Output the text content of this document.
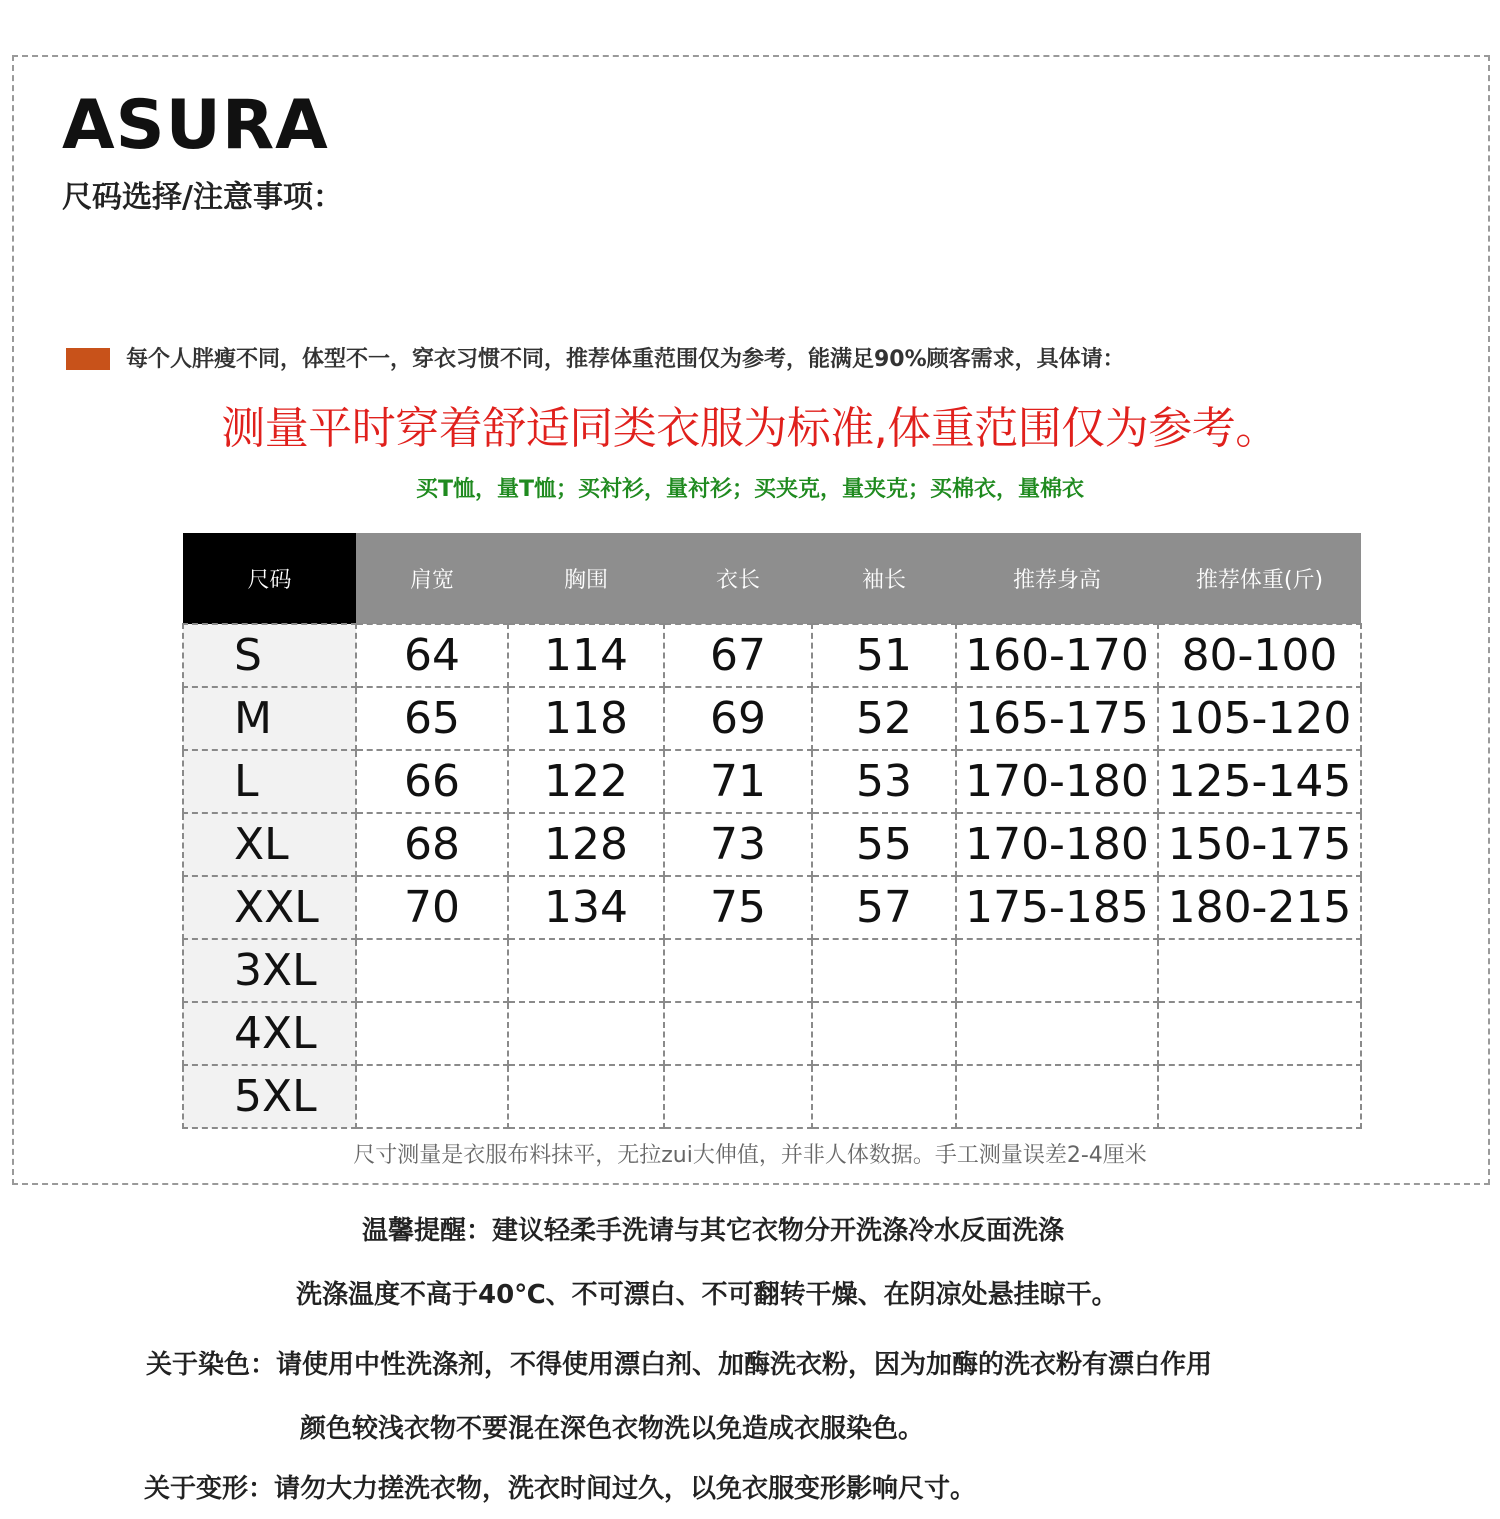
ASURA
尺码选择/注意事项：
每个人胖瘦不同，体型不一，穿衣习惯不同，推荐体重范围仅为参考，能满足90%顾客需求，具体请：
测量平时穿着舒适同类衣服为标准,体重范围仅为参考。
买T恤，量T恤；买衬衫，量衬衫；买夹克，量夹克；买棉衣，量棉衣
尺码	肩宽	胸围	衣长	袖长	推荐身高	推荐体重(斤)
S	64	114	67	51	160-170	80-100
M	65	118	69	52	165-175	105-120
L	66	122	71	53	170-180	125-145
XL	68	128	73	55	170-180	150-175
XXL	70	134	75	57	175-185	180-215
3XL						
4XL						
5XL						
尺寸测量是衣服布料抹平，无拉zui大伸值，并非人体数据。手工测量误差2-4厘米
温馨提醒：建议轻柔手洗请与其它衣物分开洗涤冷水反面洗涤
洗涤温度不高于40℃、不可漂白、不可翻转干燥、在阴凉处悬挂晾干。
关于染色：请使用中性洗涤剂，不得使用漂白剂、加酶洗衣粉，因为加酶的洗衣粉有漂白作用
颜色较浅衣物不要混在深色衣物洗以免造成衣服染色。
关于变形：请勿大力搓洗衣物，洗衣时间过久，以免衣服变形影响尺寸。
